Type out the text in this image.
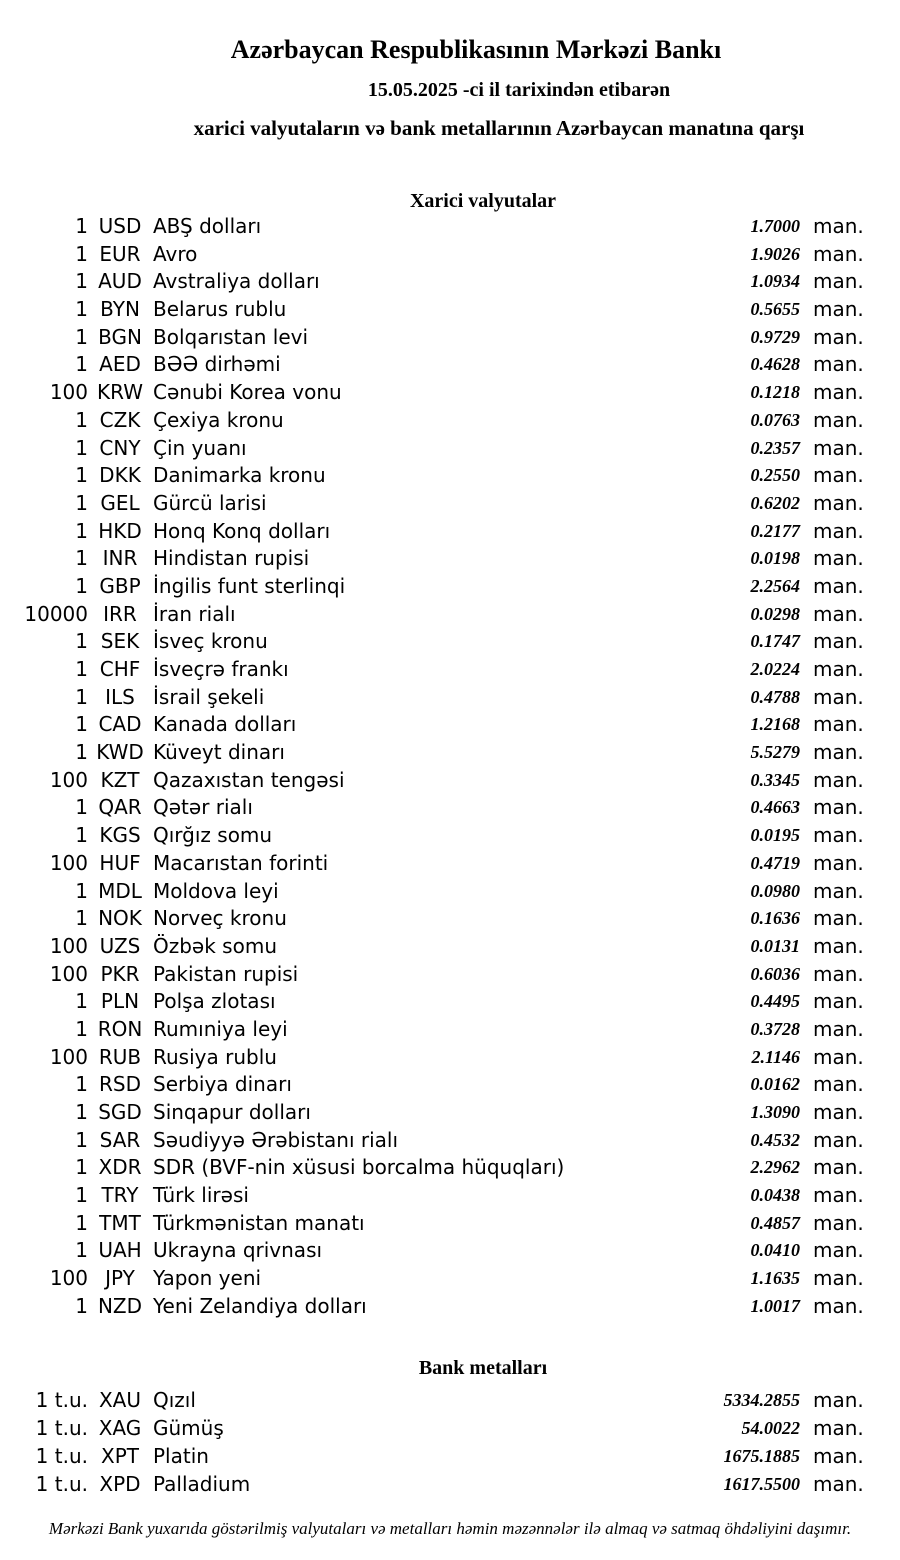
Azərbaycan Respublikasının Mərkəzi Bankı
15.05.2025 -ci il tarixindən etibarən
xarici valyutaların və bank metallarının Azərbaycan manatına qarşı
Xarici valyutalar
1 USD ABŞ dolları	1.7000 man.
1 EUR Avro	1.9026 man.
1 AUD Avstraliya dolları	1.0934 man.
1 BYN Belarus rublu	0.5655 man.
1 BGN Bolqarıstan levi	0.9729 man.
1 AED BƏƏ dirhəmi	0.4628 man.
100 KRW Cənubi Korea vonu	0.1218 man.
1 CZK Çexiya kronu	0.0763 man.
1 CNY Çin yuanı	0.2357 man.
1 DKK Danimarka kronu	0.2550 man.
1 GEL Gürcü larisi	0.6202 man.
1 HKD Honq Konq dolları	0.2177 man.
1 INR Hindistan rupisi	0.0198 man.
1 GBP İngilis funt sterlinqi	2.2564 man.
10000 IRR İran rialı	0.0298 man.
1 SEK İsveç kronu	0.1747 man.
1 CHF İsveçrə frankı	2.0224 man.
1 ILS İsrail şekeli	0.4788 man.
1 CAD Kanada dolları	1.2168 man.
1 KWD Küveyt dinarı	5.5279 man.
100 KZT Qazaxıstan tengəsi	0.3345 man.
1 QAR Qətər rialı	0.4663 man.
1 KGS Qırğız somu	0.0195 man.
100 HUF Macarıstan forinti	0.4719 man.
1 MDL Moldova leyi	0.0980 man.
1 NOK Norveç kronu	0.1636 man.
100 UZS Özbək somu	0.0131 man.
100 PKR Pakistan rupisi	0.6036 man.
1 PLN Polşa zlotası	0.4495 man.
1 RON Rumıniya leyi	0.3728 man.
100 RUB Rusiya rublu	2.1146 man.
1 RSD Serbiya dinarı	0.0162 man.
1 SGD Sinqapur dolları	1.3090 man.
1 SAR Səudiyyə Ərəbistanı rialı	0.4532 man.
1 XDR SDR (BVF-nin xüsusi borcalma hüquqları)	2.2962 man.
1 TRY Türk lirəsi	0.0438 man.
1 TMT Türkmənistan manatı	0.4857 man.
1 UAH Ukrayna qrivnası	0.0410 man.
100 JPY Yapon yeni	1.1635 man.
1 NZD Yeni Zelandiya dolları	1.0017 man.
Bank metalları
1 t.u. XAU Qızıl	5334.2855 man.
1 t.u. XAG Gümüş	54.0022 man.
1 t.u. XPT Platin	1675.1885 man.
1 t.u. XPD Palladium	1617.5500 man.
Mərkəzi Bank yuxarıda göstərilmiş valyutaları və metalları həmin məzənnələr ilə almaq və satmaq öhdəliyini daşımır.
